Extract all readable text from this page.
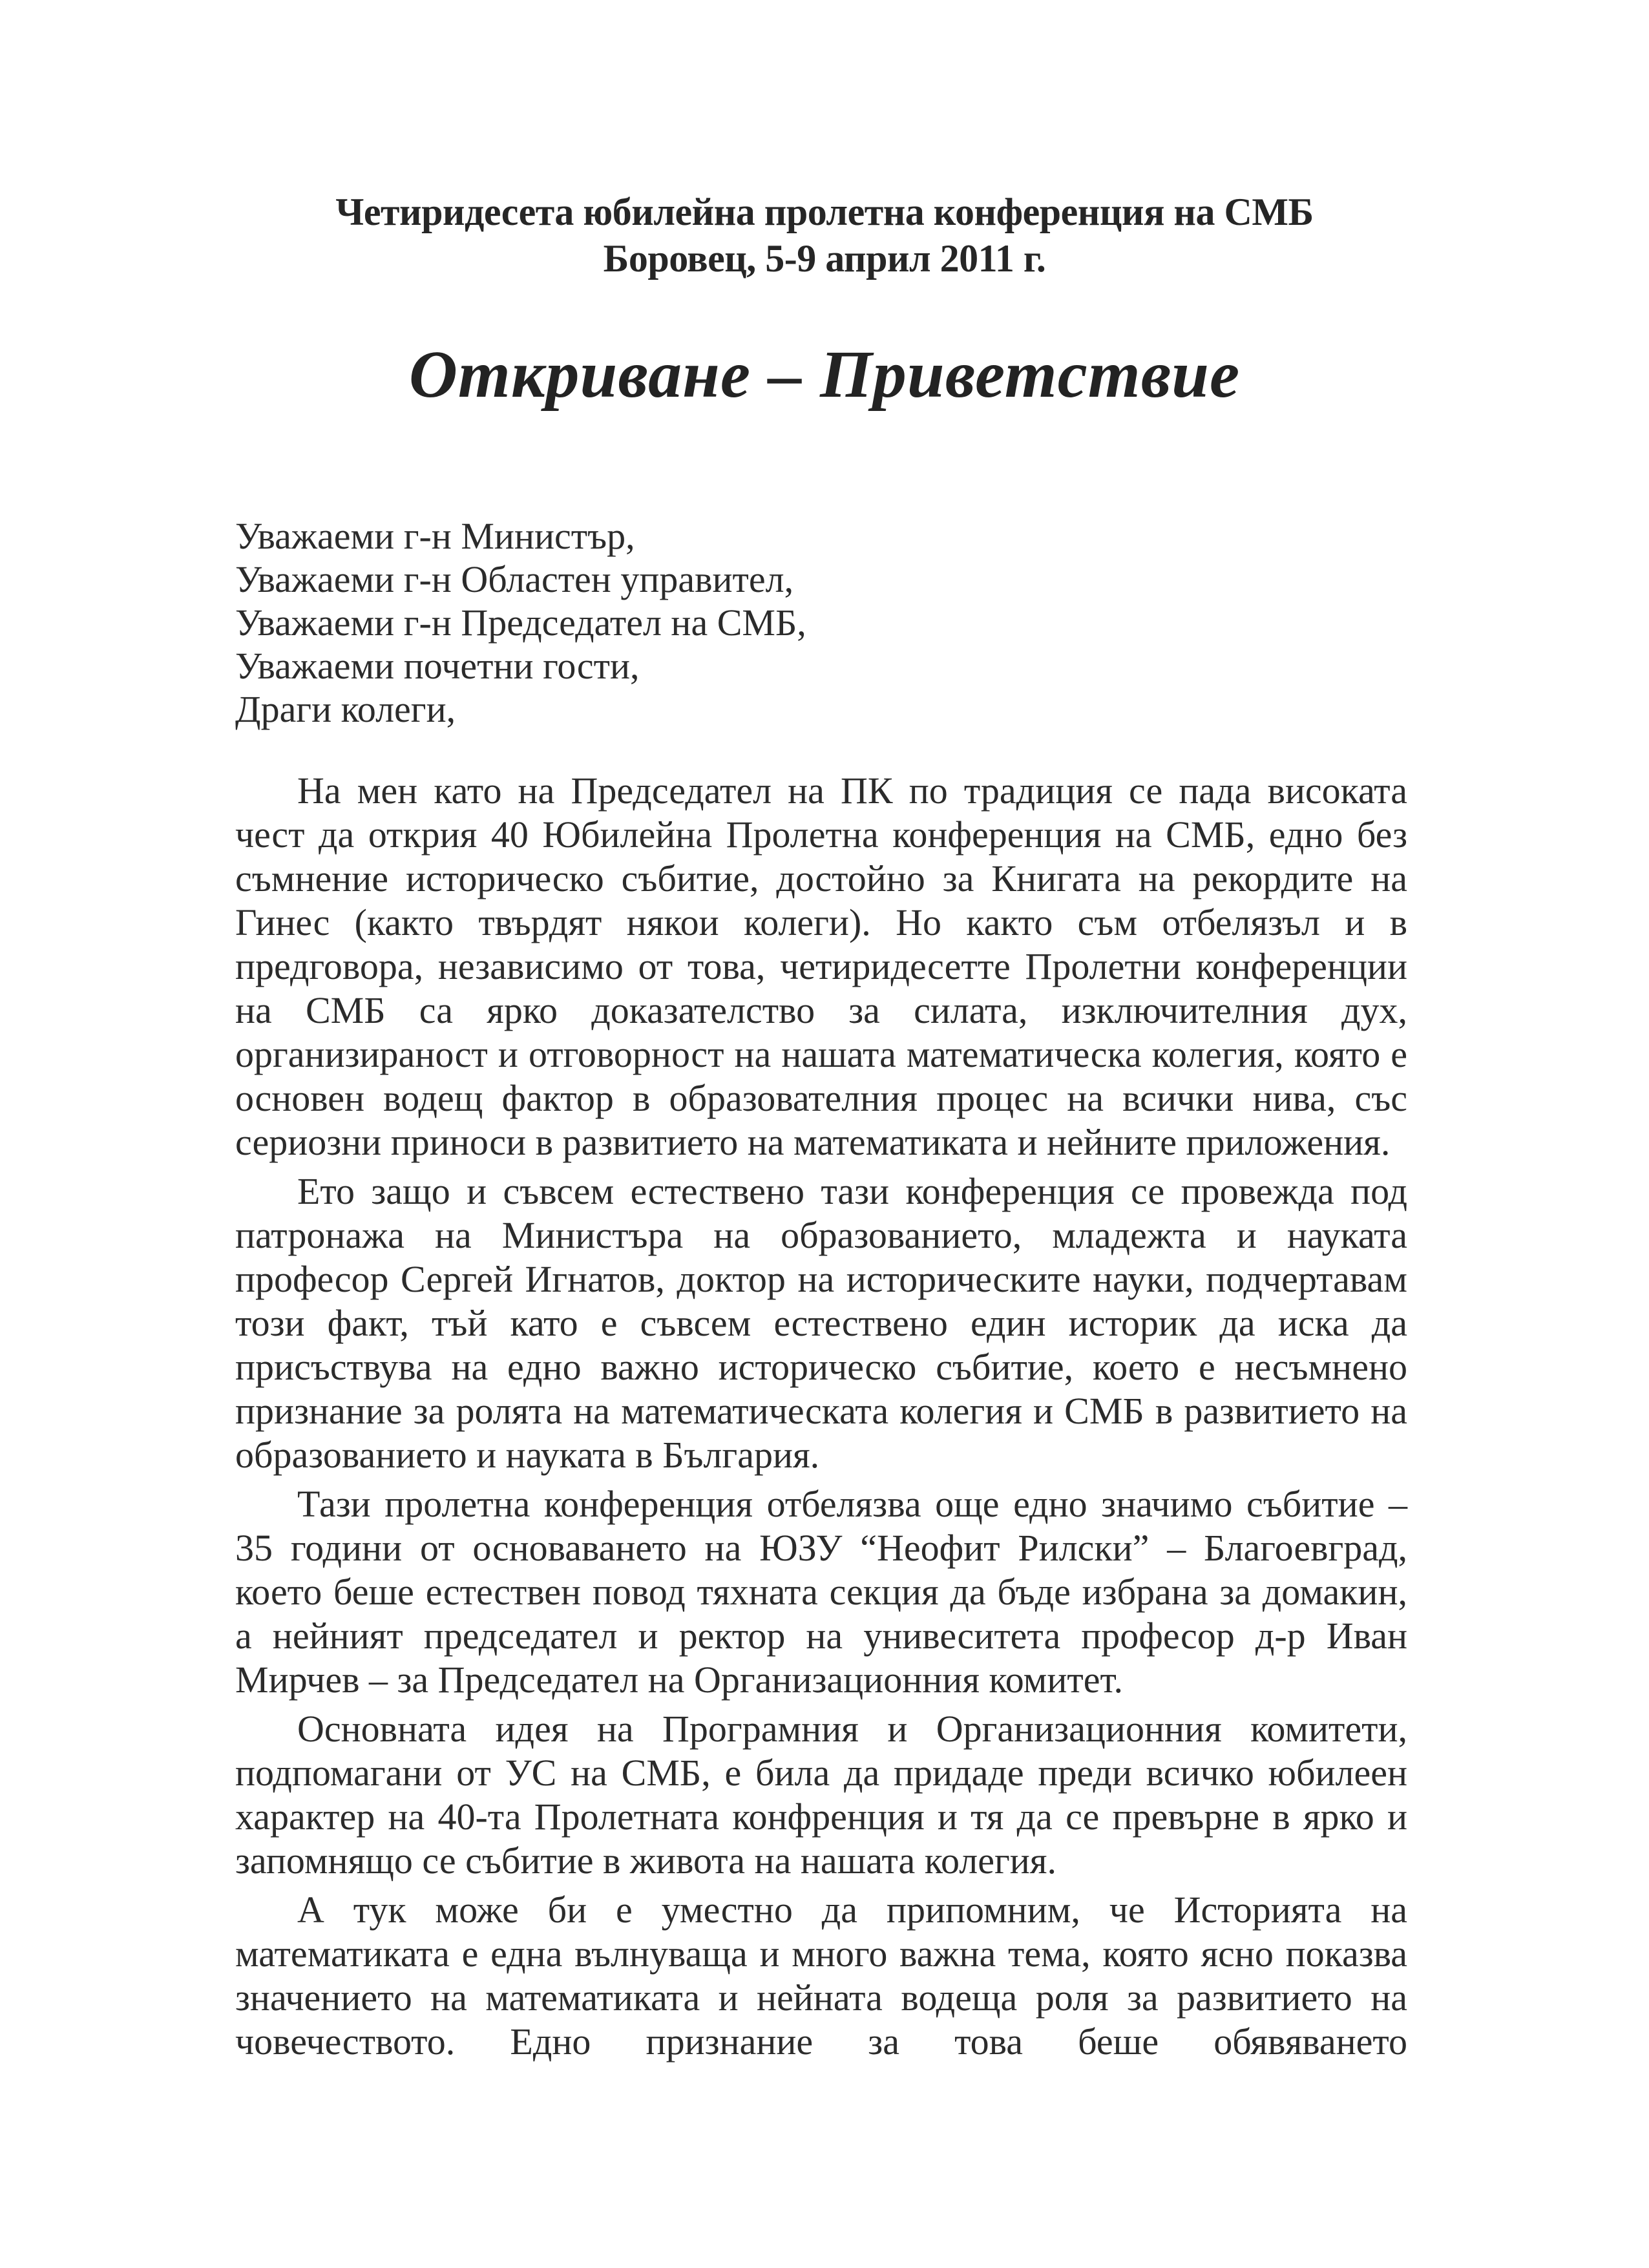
Четиридесета юбилейна пролетна конференция на СМБ
Боровец, 5-9 април 2011 г.
Откриване – Приветствие
Уважаеми г-н Министър,
Уважаеми г-н Областен управител,
Уважаеми г-н Председател на СМБ,
Уважаеми почетни гости,
Драги колеги,

На мен като на Председател на ПК по традиция се пада високата чест да открия 40 Юбилейна Пролетна конференция на СМБ, едно без съмнение историческо събитие, достойно за Книгата на рекордите на Гинес (както твърдят някои колеги). Но както съм отбелязъл и в предговора, независимо от това, четиридесетте Пролетни конференции на СМБ са ярко доказателство за силата, изключителния дух, организираност и отговорност на нашата математическа колегия, която е основен водещ фактор в образователния процес на всички нива, със сериозни приноси в развитието на математиката и нейните приложения.

Ето защо и съвсем естествено тази конференция се провежда под патронажа на Министъра на образованието, младежта и науката професор Сергей Игнатов, доктор на историческите науки, подчертавам този факт, тъй като е съвсем естествено един историк да иска да присъствува на едно важно историческо събитие, което е несъмнено признание за ролята на математическата колегия и СМБ в развитието на образованието и науката в България.

Тази пролетна конференция отбелязва още едно значимо събитие – 35 години от основаването на ЮЗУ “Неофит Рилски” – Благоевград, което беше естествен повод тяхната секция да бъде избрана за домакин, а нейният председател и ректор на унивеситета професор д-р Иван Мирчев – за Председател на Организационния комитет.

Основната идея на Програмния и Организационния комитети, подпомагани от УС на СМБ, е била да придаде преди всичко юбилеен характер на 40-та Пролетната конфренция и тя да се превърне в ярко и запомнящо се събитие в живота на нашата колегия.

А тук може би е уместно да припомним, че Историята на математиката е една вълнуваща и много важна тема, която ясно показва значението на математиката и нейната водеща роля за развитието на човечеството. Едно признание за това беше обявяването
